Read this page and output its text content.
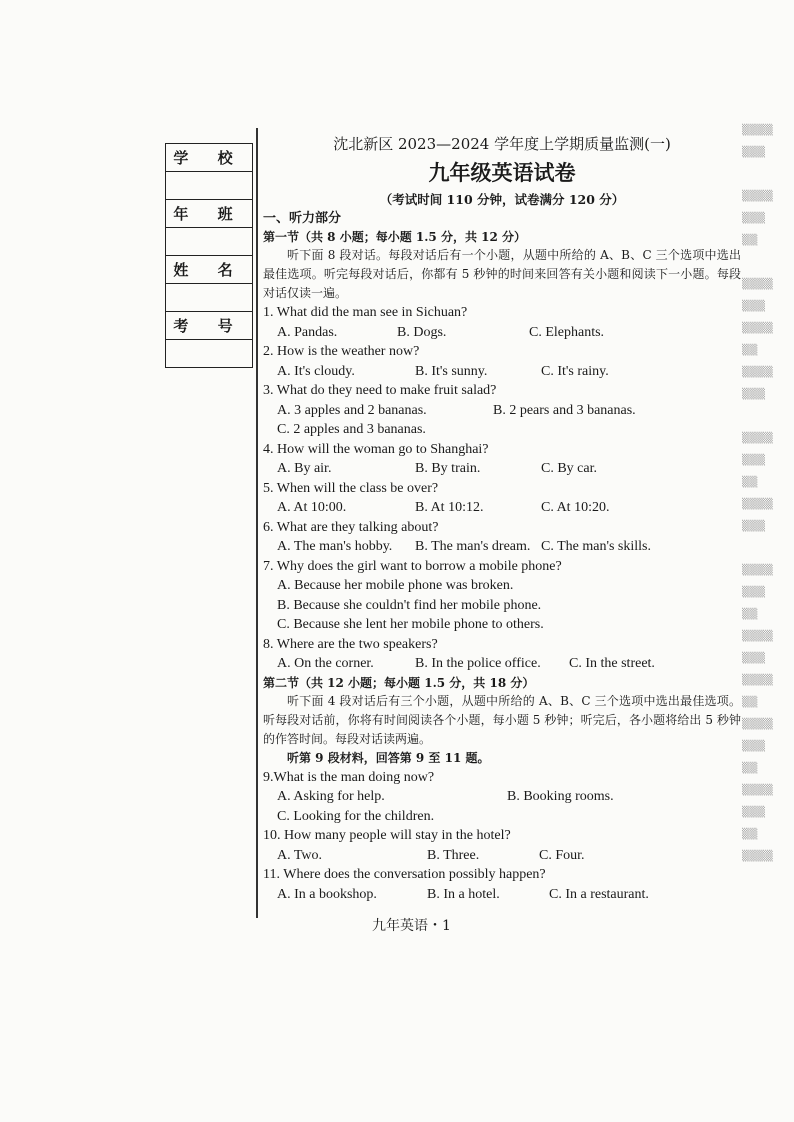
学 校
年 班
姓 名
考 号
▒▒▒▒
▒▒▒

▒▒▒▒
▒▒▒
▒▒

▒▒▒▒
▒▒▒
▒▒▒▒
▒▒
▒▒▒▒
▒▒▒

▒▒▒▒
▒▒▒
▒▒
▒▒▒▒
▒▒▒

▒▒▒▒
▒▒▒
▒▒
▒▒▒▒
▒▒▒
▒▒▒▒
▒▒
▒▒▒▒
▒▒▒
▒▒
▒▒▒▒
▒▒▒
▒▒
▒▒▒▒
沈北新区 2023—2024 学年度上学期质量监测(一)
九年级英语试卷
（考试时间 110 分钟，试卷满分 120 分）
一、听力部分
第一节（共 8 小题；每小题 1.5 分，共 12 分）
听下面 8 段对话。每段对话后有一个小题，从题中所给的 A、B、C 三个选项中选出最佳选项。听完每段对话后，你都有 5 秒钟的时间来回答有关小题和阅读下一小题。每段对话仅读一遍。
1. What did the man see in Sichuan?
A. Pandas.	B. Dogs.	C. Elephants.
2. How is the weather now?
A. It's cloudy.	B. It's sunny.	C. It's rainy.
3. What do they need to make fruit salad?
A. 3 apples and 2 bananas.	B. 2 pears and 3 bananas.
C. 2 apples and 3 bananas.
4. How will the woman go to Shanghai?
A. By air.	B. By train.	C. By car.
5. When will the class be over?
A. At 10:00.	B. At 10:12.	C. At 10:20.
6. What are they talking about?
A. The man's hobby.	B. The man's dream. C. The man's skills.
7. Why does the girl want to borrow a mobile phone?
A. Because her mobile phone was broken.
B. Because she couldn't find her mobile phone.
C. Because she lent her mobile phone to others.
8. Where are the two speakers?
A. On the corner.	B. In the police office.	C. In the street.
第二节（共 12 小题；每小题 1.5 分，共 18 分）
听下面 4 段对话后有三个小题，从题中所给的 A、B、C 三个选项中选出最佳选项。听每段对话前，你将有时间阅读各个小题，每小题 5 秒钟；听完后，各小题将给出 5 秒钟的作答时间。每段对话读两遍。
听第 9 段材料，回答第 9 至 11 题。
9.What is the man doing now?
A. Asking for help.	B. Booking rooms.
C. Looking for the children.
10. How many people will stay in the hotel?
A. Two.	B. Three.	C. Four.
11. Where does the conversation possibly happen?
A. In a bookshop.	B. In a hotel.	C. In a restaurant.
九年英语・1
